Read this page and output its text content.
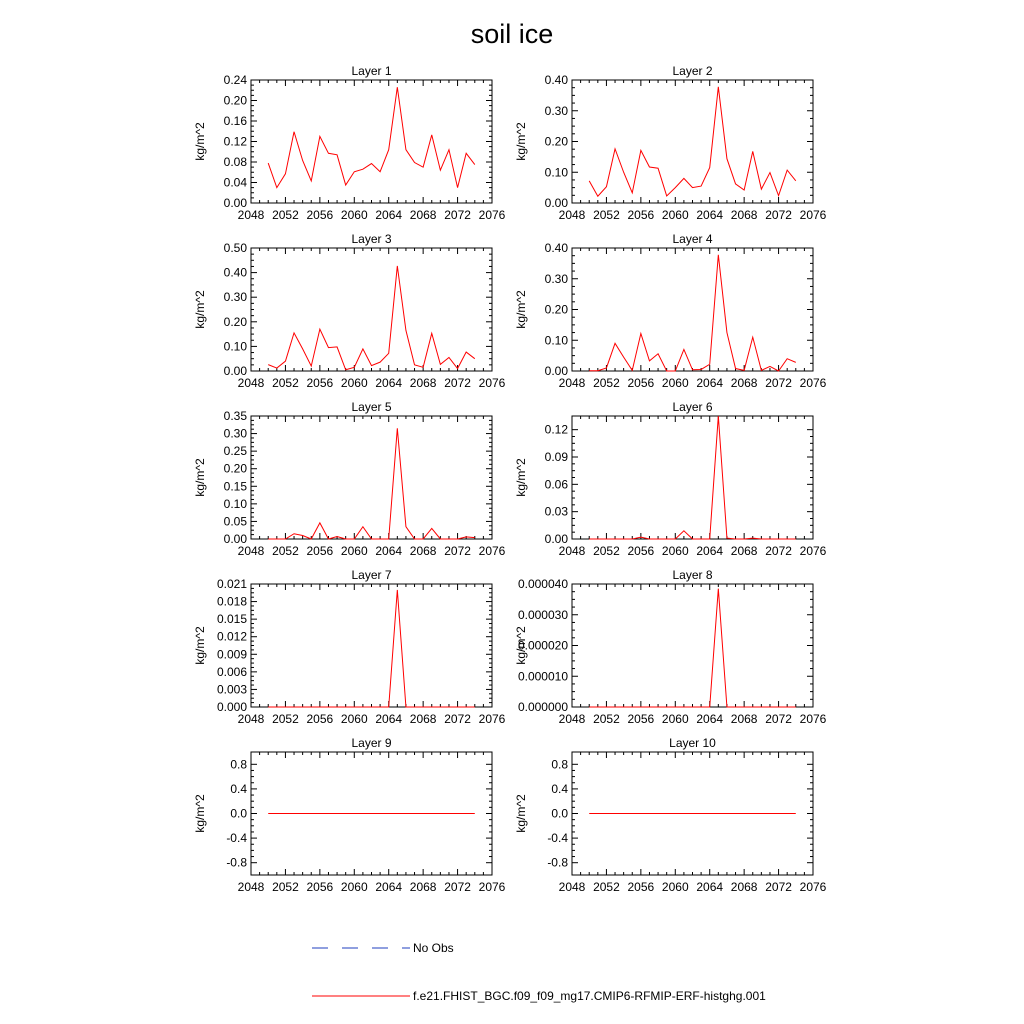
soil ice
Layer 1
kg/m^2
2048 2052 2056 2060 2064 2068 2072 2076
0.00
0.04
0.08
0.12
0.16
0.20
0.24
Layer 2
kg/m^2
2048 2052 2056 2060 2064 2068 2072 2076
0.00
0.10
0.20
0.30
0.40
Layer 3
kg/m^2
2048 2052 2056 2060 2064 2068 2072 2076
0.00
0.10
0.20
0.30
0.40
0.50
Layer 4
kg/m^2
2048 2052 2056 2060 2064 2068 2072 2076
0.00
0.10
0.20
0.30
0.40
Layer 5
kg/m^2
2048 2052 2056 2060 2064 2068 2072 2076
0.00
0.05
0.10
0.15
0.20
0.25
0.30
0.35
Layer 6
kg/m^2
2048 2052 2056 2060 2064 2068 2072 2076
0.00
0.03
0.06
0.09
0.12
Layer 7
kg/m^2
2048 2052 2056 2060 2064 2068 2072 2076
0.000
0.003
0.006
0.009
0.012
0.015
0.018
0.021
Layer 8
kg/m^2
2048 2052 2056 2060 2064 2068 2072 2076
0.000000
0.000010
0.000020
0.000030
0.000040
Layer 9
kg/m^2
2048 2052 2056 2060 2064 2068 2072 2076
-0.8
-0.4
0.0
0.4
0.8
Layer 10
kg/m^2
2048 2052 2056 2060 2064 2068 2072 2076
-0.8
-0.4
0.0
0.4
0.8
No Obs
f.e21.FHIST_BGC.f09_f09_mg17.CMIP6-RFMIP-ERF-histghg.001
